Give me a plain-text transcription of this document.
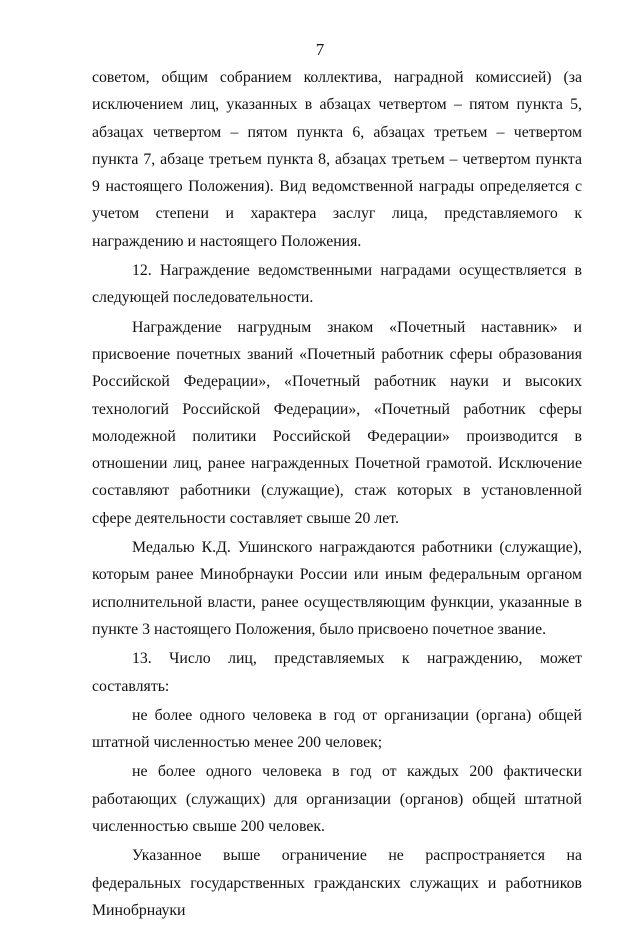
7

советом, общим собранием коллектива, наградной комиссией) (за исключением лиц, указанных в абзацах четвертом – пятом пункта 5, абзацах четвертом – пятом пункта 6, абзацах третьем – четвертом пункта 7, абзаце третьем пункта 8, абзацах третьем – четвертом пункта 9 настоящего Положения). Вид ведомственной награды определяется с учетом степени и характера заслуг лица, представляемого к награждению и настоящего Положения.

12. Награждение ведомственными наградами осуществляется в следующей последовательности.

Награждение нагрудным знаком «Почетный наставник» и присвоение почетных званий «Почетный работник сферы образования Российской Федерации», «Почетный работник науки и высоких технологий Российской Федерации», «Почетный работник сферы молодежной политики Российской Федерации» производится в отношении лиц, ранее награжденных Почетной грамотой. Исключение составляют работники (служащие), стаж которых в установленной сфере деятельности составляет свыше 20 лет.

Медалью К.Д. Ушинского награждаются работники (служащие), которым ранее Минобрнауки России или иным федеральным органом исполнительной власти, ранее осуществляющим функции, указанные в пункте 3 настоящего Положения, было присвоено почетное звание.

13. Число лиц, представляемых к награждению, может составлять:

не более одного человека в год от организации (органа) общей штатной численностью менее 200 человек;

не более одного человека в год от каждых 200 фактически работающих (служащих) для организации (органов) общей штатной численностью свыше 200 человек.

Указанное выше ограничение не распространяется на федеральных государственных гражданских служащих и работников Минобрнауки
